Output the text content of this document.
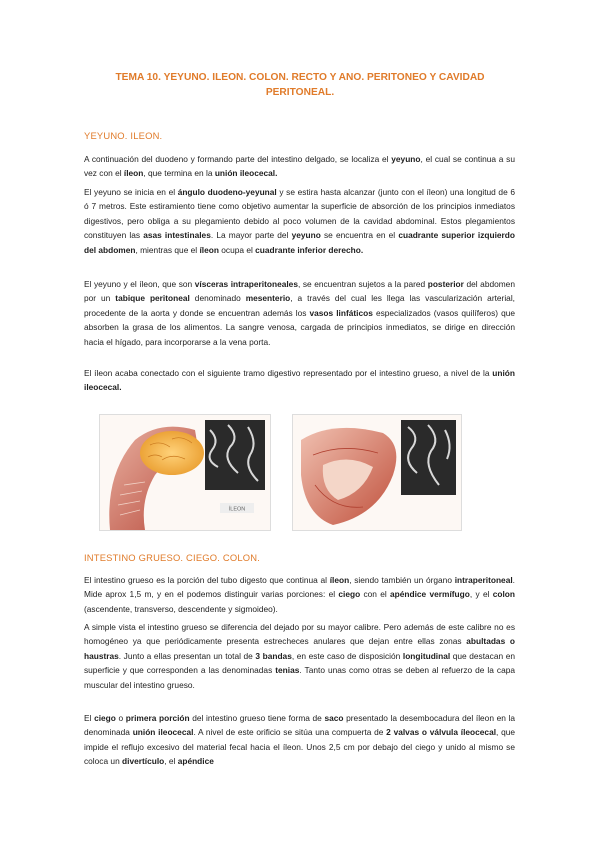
TEMA 10. YEYUNO. ILEON. COLON. RECTO Y ANO. PERITONEO Y CAVIDAD
PERITONEAL.
YEYUNO. ILEON.

A continuación del duodeno y formando parte del intestino delgado, se localiza el yeyuno, el cual se continua a su vez con el íleon, que termina en la unión ileocecal.

El yeyuno se inicia en el ángulo duodeno-yeyunal y se estira hasta alcanzar (junto con el íleon) una longitud de 6 ó 7 metros. Este estiramiento tiene como objetivo aumentar la superficie de absorción de los principios inmediatos digestivos, pero obliga a su plegamiento debido al poco volumen de la cavidad abdominal. Estos plegamientos constituyen las asas intestinales. La mayor parte del yeyuno se encuentra en el cuadrante superior izquierdo del abdomen, mientras que el íleon ocupa el cuadrante inferior derecho.

El yeyuno y el íleon, que son vísceras intraperitoneales, se encuentran sujetos a la pared posterior del abdomen por un tabique peritoneal denominado mesenterio, a través del cual les llega las vascularización arterial, procedente de la aorta y donde se encuentran además los vasos linfáticos especializados (vasos quilíferos) que absorben la grasa de los alimentos. La sangre venosa, cargada de principios inmediatos, se dirige en dirección hacia el hígado, para incorporarse a la vena porta.

El íleon acaba conectado con el siguiente tramo digestivo representado por el intestino grueso, a nivel de la unión ileocecal.

ÍLEON
INTESTINO GRUESO. CIEGO. COLON.

El intestino grueso es la porción del tubo digesto que continua al íleon, siendo también un órgano intraperitoneal. Mide aprox 1,5 m, y en el podemos distinguir varias porciones: el ciego con el apéndice vermífugo, y el colon (ascendente, transverso, descendente y sigmoideo).

A simple vista el intestino grueso se diferencia del dejado por su mayor calibre. Pero además de este calibre no es homogéneo ya que periódicamente presenta estrecheces anulares que dejan entre ellas zonas abultadas o haustras. Junto a ellas presentan un total de 3 bandas, en este caso de disposición longitudinal que destacan en superficie y que corresponden a las denominadas tenias. Tanto unas como otras se deben al refuerzo de la capa muscular del intestino grueso.

El ciego o primera porción del intestino grueso tiene forma de saco presentado la desembocadura del íleon en la denominada unión ileocecal. A nivel de este orificio se sitúa una compuerta de 2 valvas o válvula íleocecal, que impide el reflujo excesivo del material fecal hacia el íleon. Unos 2,5 cm por debajo del ciego y unido al mismo se coloca un divertículo, el apéndice
